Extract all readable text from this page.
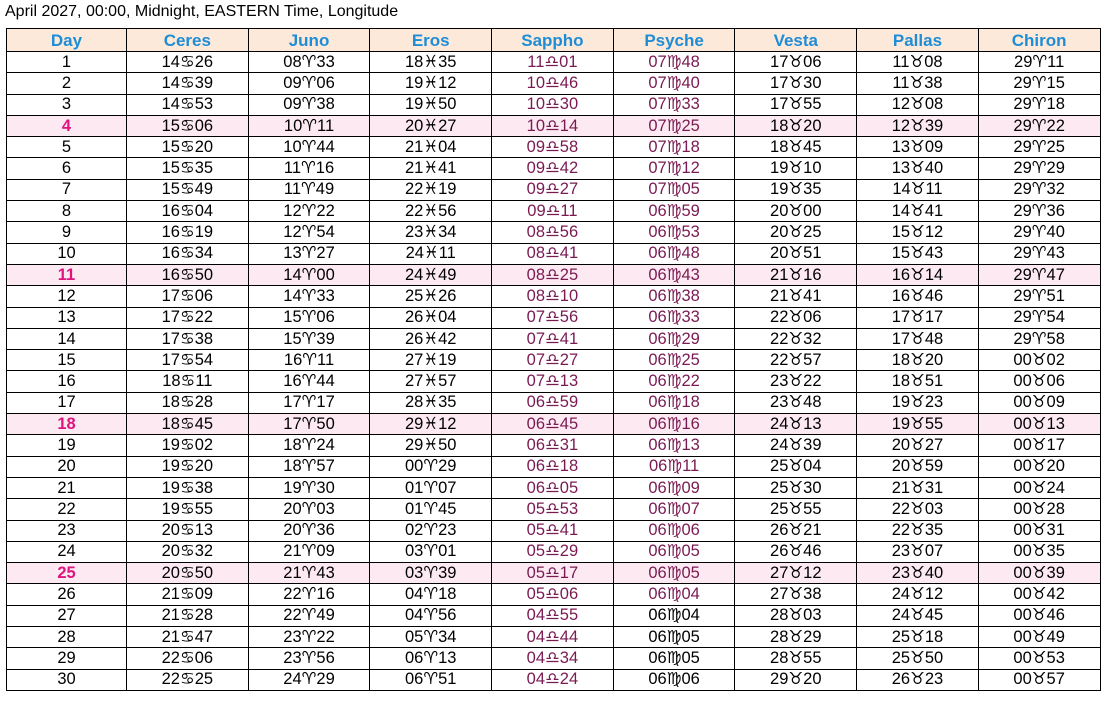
April 2027, 00:00, Midnight, EASTERN Time, Longitude
Day	Ceres	Juno	Eros	Sappho	Psyche	Vesta	Pallas	Chiron
1	14♋26	08♈33	18♓35	11♎01	07♍48	17♉06	11♉08	29♈11
2	14♋39	09♈06	19♓12	10♎46	07♍40	17♉30	11♉38	29♈15
3	14♋53	09♈38	19♓50	10♎30	07♍33	17♉55	12♉08	29♈18
4	15♋06	10♈11	20♓27	10♎14	07♍25	18♉20	12♉39	29♈22
5	15♋20	10♈44	21♓04	09♎58	07♍18	18♉45	13♉09	29♈25
6	15♋35	11♈16	21♓41	09♎42	07♍12	19♉10	13♉40	29♈29
7	15♋49	11♈49	22♓19	09♎27	07♍05	19♉35	14♉11	29♈32
8	16♋04	12♈22	22♓56	09♎11	06♍59	20♉00	14♉41	29♈36
9	16♋19	12♈54	23♓34	08♎56	06♍53	20♉25	15♉12	29♈40
10	16♋34	13♈27	24♓11	08♎41	06♍48	20♉51	15♉43	29♈43
11	16♋50	14♈00	24♓49	08♎25	06♍43	21♉16	16♉14	29♈47
12	17♋06	14♈33	25♓26	08♎10	06♍38	21♉41	16♉46	29♈51
13	17♋22	15♈06	26♓04	07♎56	06♍33	22♉06	17♉17	29♈54
14	17♋38	15♈39	26♓42	07♎41	06♍29	22♉32	17♉48	29♈58
15	17♋54	16♈11	27♓19	07♎27	06♍25	22♉57	18♉20	00♉02
16	18♋11	16♈44	27♓57	07♎13	06♍22	23♉22	18♉51	00♉06
17	18♋28	17♈17	28♓35	06♎59	06♍18	23♉48	19♉23	00♉09
18	18♋45	17♈50	29♓12	06♎45	06♍16	24♉13	19♉55	00♉13
19	19♋02	18♈24	29♓50	06♎31	06♍13	24♉39	20♉27	00♉17
20	19♋20	18♈57	00♈29	06♎18	06♍11	25♉04	20♉59	00♉20
21	19♋38	19♈30	01♈07	06♎05	06♍09	25♉30	21♉31	00♉24
22	19♋55	20♈03	01♈45	05♎53	06♍07	25♉55	22♉03	00♉28
23	20♋13	20♈36	02♈23	05♎41	06♍06	26♉21	22♉35	00♉31
24	20♋32	21♈09	03♈01	05♎29	06♍05	26♉46	23♉07	00♉35
25	20♋50	21♈43	03♈39	05♎17	06♍05	27♉12	23♉40	00♉39
26	21♋09	22♈16	04♈18	05♎06	06♍04	27♉38	24♉12	00♉42
27	21♋28	22♈49	04♈56	04♎55	06♍04	28♉03	24♉45	00♉46
28	21♋47	23♈22	05♈34	04♎44	06♍05	28♉29	25♉18	00♉49
29	22♋06	23♈56	06♈13	04♎34	06♍05	28♉55	25♉50	00♉53
30	22♋25	24♈29	06♈51	04♎24	06♍06	29♉20	26♉23	00♉57
